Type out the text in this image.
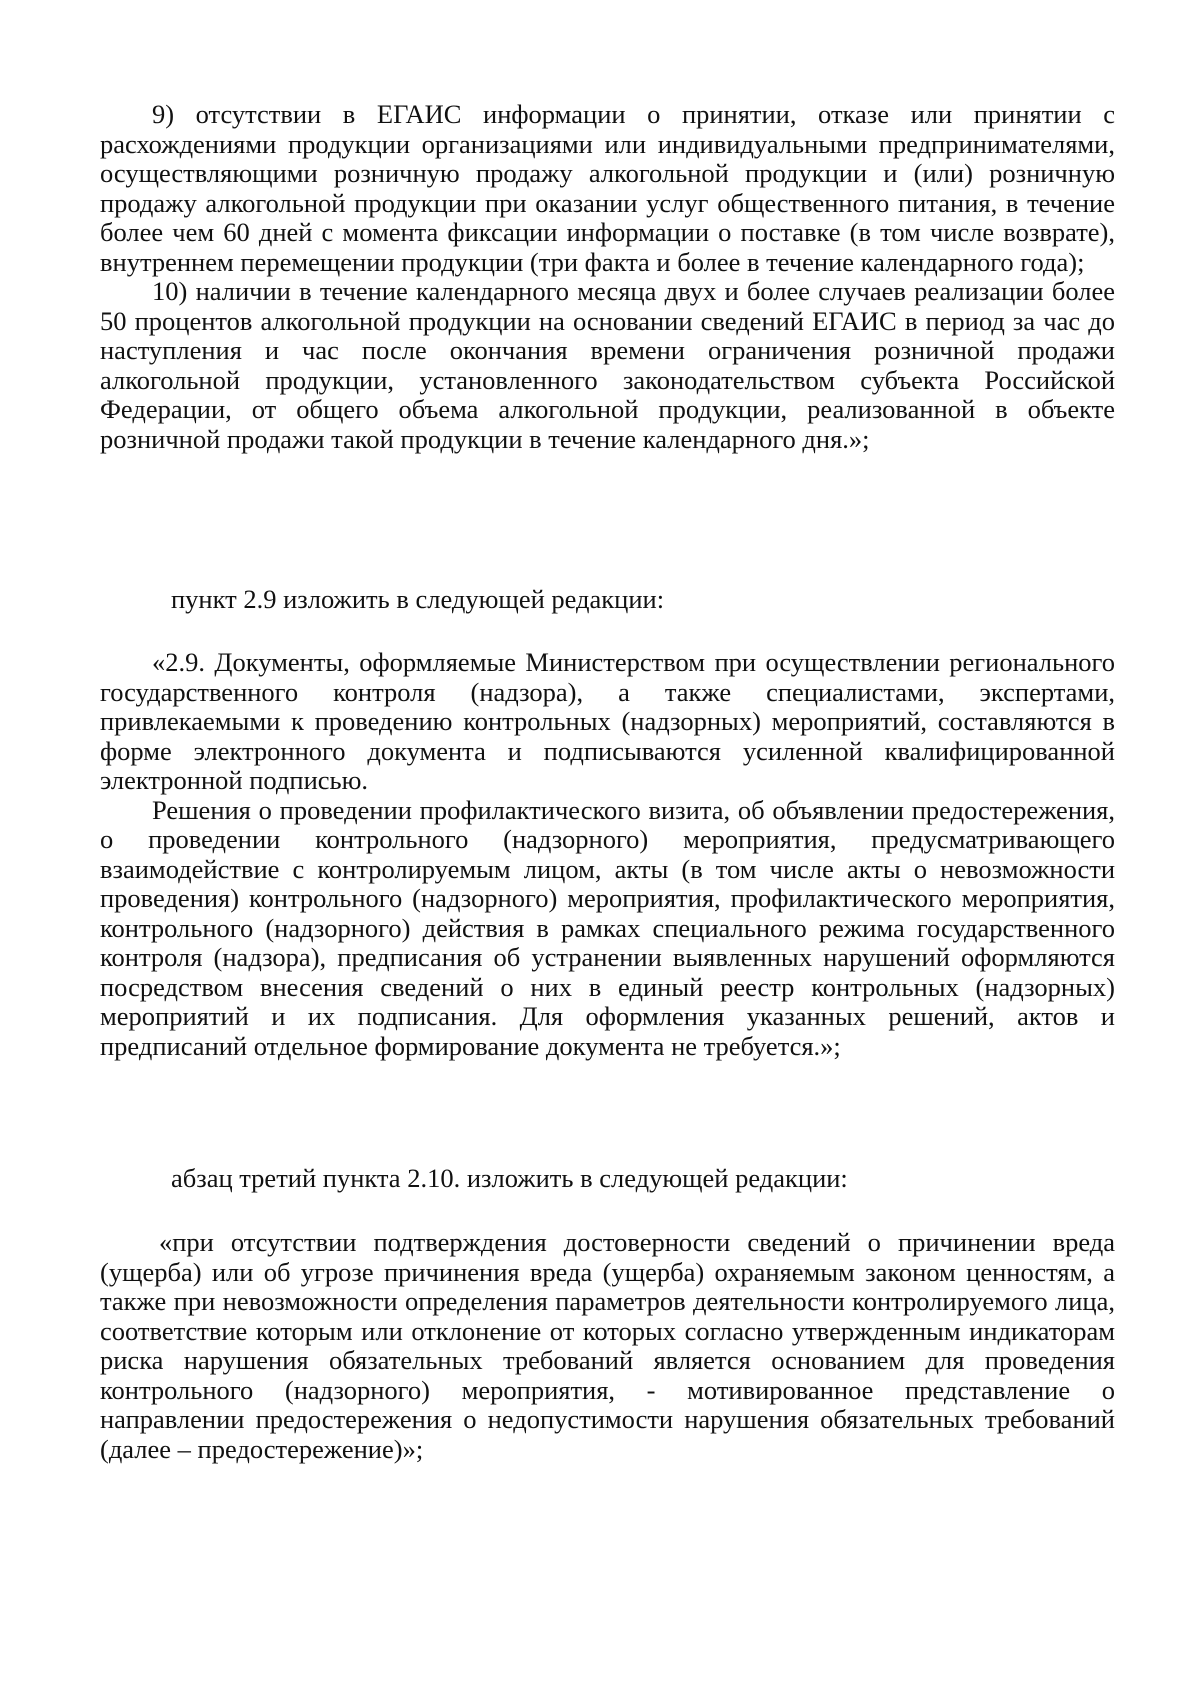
9) отсутствии в ЕГАИС информации о принятии, отказе или принятии с расхождениями продукции организациями или индивидуальными предпринимателями, осуществляющими розничную продажу алкогольной продукции и (или) розничную продажу алкогольной продукции при оказании услуг общественного питания, в течение более чем 60 дней с момента фиксации информации о поставке (в том числе возврате), внутреннем перемещении продукции (три факта и более в течение календарного года);

10) наличии в течение календарного месяца двух и более случаев реализации более 50 процентов алкогольной продукции на основании сведений ЕГАИС в период за час до наступления и час после окончания времени ограничения розничной продажи алкогольной продукции, установленного законодательством субъекта Российской Федерации, от общего объема алкогольной продукции, реализованной в объекте розничной продажи такой продукции в течение календарного дня.»;

пункт 2.9 изложить в следующей редакции:

«2.9. Документы, оформляемые Министерством при осуществлении регионального государственного контроля (надзора), а также специалистами, экспертами, привлекаемыми к проведению контрольных (надзорных) мероприятий, составляются в форме электронного документа и подписываются усиленной квалифицированной электронной подписью.

Решения о проведении профилактического визита, об объявлении предостережения, о проведении контрольного (надзорного) мероприятия, предусматривающего взаимодействие с контролируемым лицом, акты (в том числе акты о невозможности проведения) контрольного (надзорного) мероприятия, профилактического мероприятия, контрольного (надзорного) действия в рамках специального режима государственного контроля (надзора), предписания об устранении выявленных нарушений оформляются посредством внесения сведений о них в единый реестр контрольных (надзорных) мероприятий и их подписания. Для оформления указанных решений, актов и предписаний отдельное формирование документа не требуется.»;

абзац третий пункта 2.10. изложить в следующей редакции:

«при отсутствии подтверждения достоверности сведений о причинении вреда (ущерба) или об угрозе причинения вреда (ущерба) охраняемым законом ценностям, а также при невозможности определения параметров деятельности контролируемого лица, соответствие которым или отклонение от которых согласно утвержденным индикаторам риска нарушения обязательных требований является основанием для проведения контрольного (надзорного) мероприятия, - мотивированное представление о направлении предостережения о недопустимости нарушения обязательных требований (далее – предостережение)»;
